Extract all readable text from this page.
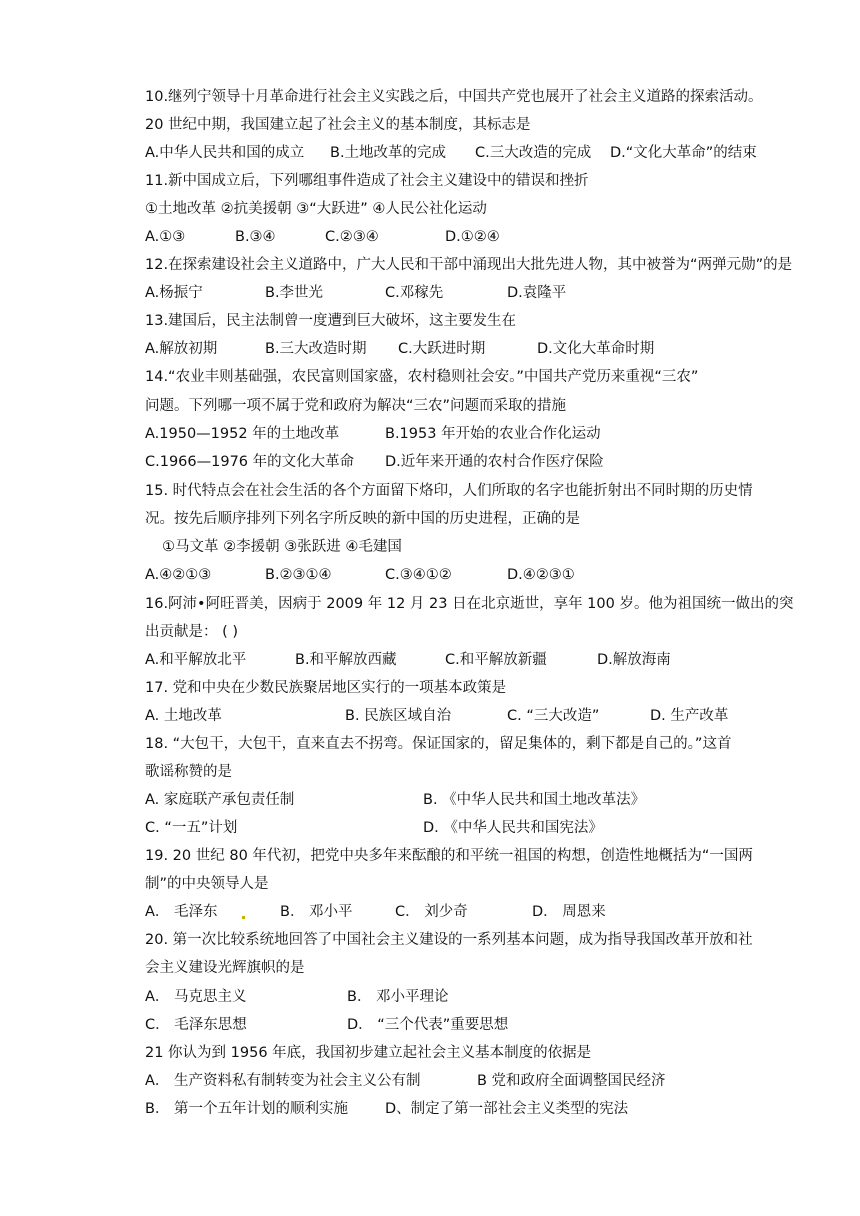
10.继列宁领导十月革命进行社会主义实践之后，中国共产党也展开了社会主义道路的探索活动。
20 世纪中期，我国建立起了社会主义的基本制度，其标志是
A.中华人民共和国的成立 B.土地改革的完成 C.三大改造的完成 D.“文化大革命”的结束
11.新中国成立后，下列哪组事件造成了社会主义建设中的错误和挫折
①土地改革 ②抗美援朝 ③“大跃进” ④人民公社化运动
A.①③	B.③④	C.②③④	D.①②④
12.在探索建设社会主义道路中，广大人民和干部中涌现出大批先进人物，其中被誉为“两弹元勋”的是
A.杨振宁	B.李世光	C.邓稼先	D.袁隆平
13.建国后，民主法制曾一度遭到巨大破坏，这主要发生在
A.解放初期	B.三大改造时期 C.大跃进时期	D.文化大革命时期
14.“农业丰则基础强，农民富则国家盛，农村稳则社会安。”中国共产党历来重视“三农”
问题。下列哪一项不属于党和政府为解决“三农”问题而采取的措施
A.1950—1952 年的土地改革	B.1953 年开始的农业合作化运动
C.1966—1976 年的文化大革命 D.近年来开通的农村合作医疗保险
15. 时代特点会在社会生活的各个方面留下烙印，人们所取的名字也能折射出不同时期的历史情
况。按先后顺序排列下列名字所反映的新中国的历史进程，正确的是
①马文革 ②李援朝 ③张跃进 ④毛建国
A.④②①③	B.②③①④	C.③④①②	D.④②③①
16.阿沛•阿旺晋美，因病于 2009 年 12 月 23 日在北京逝世，享年 100 岁。他为祖国统一做出的突
出贡献是： ( )
A.和平解放北平	B.和平解放西藏	C.和平解放新疆	D.解放海南
17. 党和中央在少数民族聚居地区实行的一项基本政策是
A. 土地改革	B. 民族区域自治	C. “三大改造”	D. 生产改革
18. “大包干，大包干，直来直去不拐弯。保证国家的，留足集体的，剩下都是自己的。”这首
歌谣称赞的是
A. 家庭联产承包责任制	B. 《中华人民共和国土地改革法》
C. “一五”计划	D. 《中华人民共和国宪法》
19. 20 世纪 80 年代初，把党中央多年来酝酿的和平统一祖国的构想，创造性地概括为“一国两
制”的中央领导人是
A． 毛泽东	B． 邓小平	C． 刘少奇	D． 周恩来
20. 第一次比较系统地回答了中国社会主义建设的一系列基本问题，成为指导我国改革开放和社
会主义建设光辉旗帜的是
A． 马克思主义	B． 邓小平理论
C． 毛泽东思想	D． “三个代表”重要思想
21 你认为到 1956 年底，我国初步建立起社会主义基本制度的依据是
A． 生产资料私有制转变为社会主义公有制	B 党和政府全面调整国民经济
B． 第一个五年计划的顺利实施	D、制定了第一部社会主义类型的宪法
